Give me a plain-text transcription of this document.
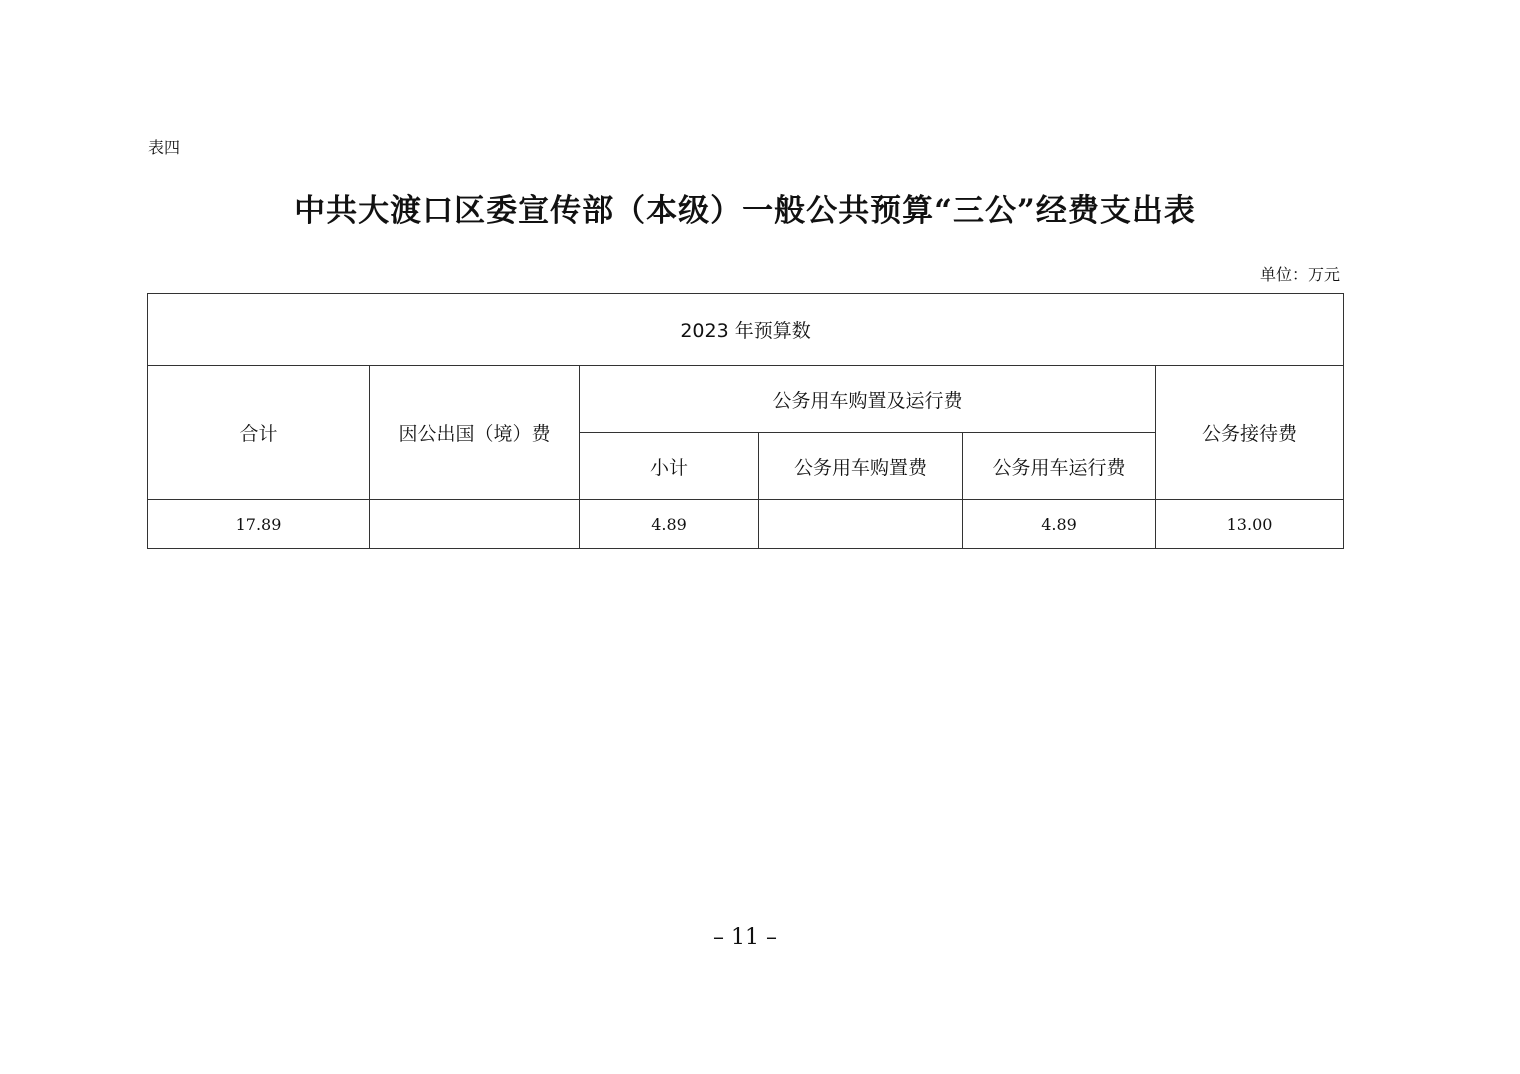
表四
中共大渡口区委宣传部（本级）一般公共预算“三公”经费支出表
单位：万元
2023 年预算数					
合计	因公出国（境）费	公务用车购置及运行费			公务接待费
		小计	公务用车购置费	公务用车运行费	
17.89		4.89		4.89	13.00
– 11 –
